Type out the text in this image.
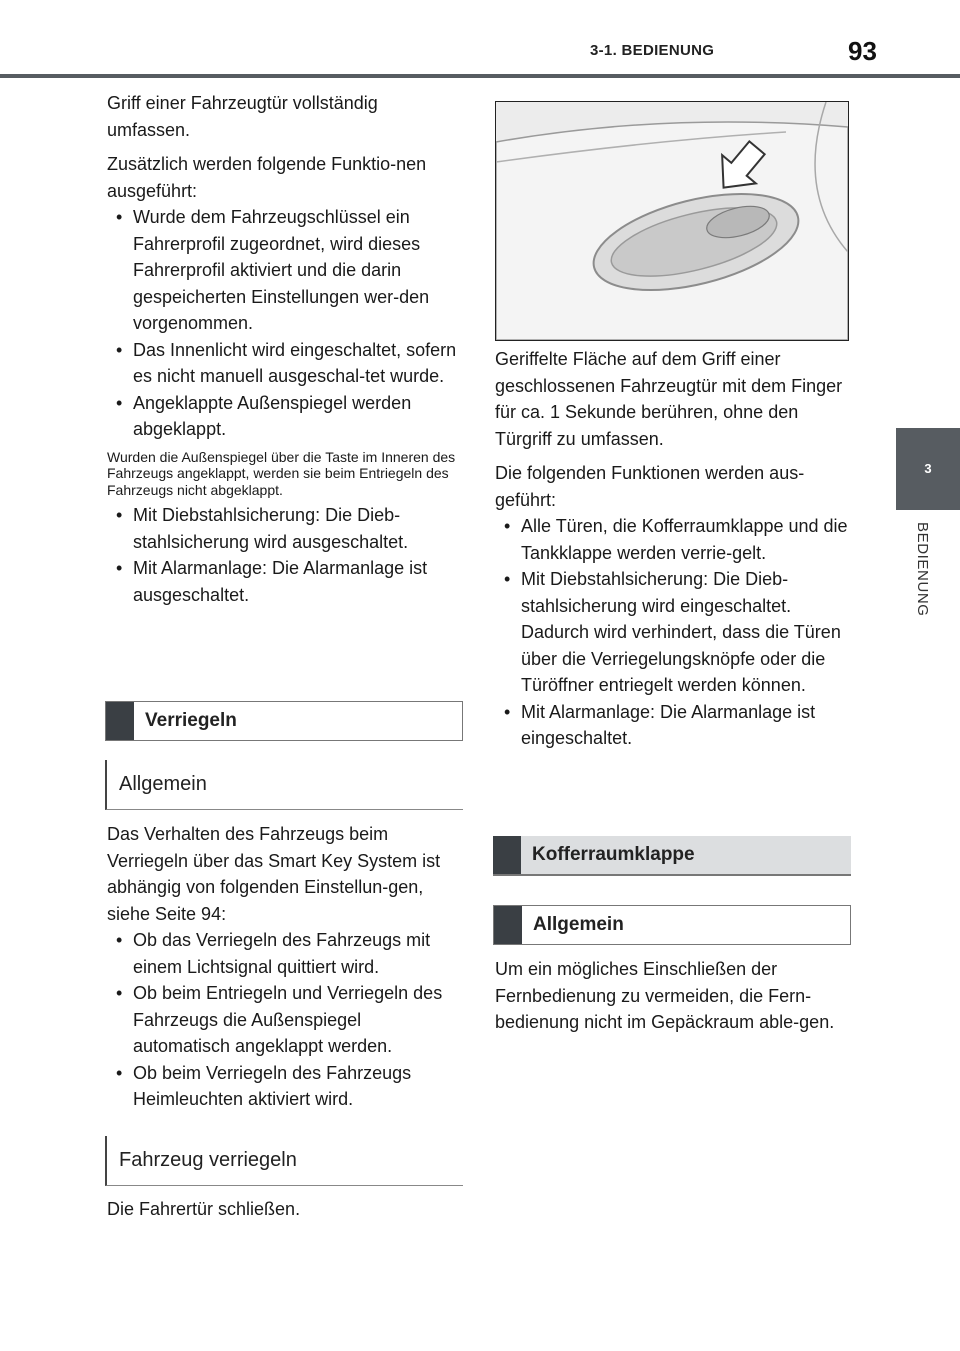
3-1. BEDIENUNG	93
3
BEDIENUNG

Griff einer Fahrzeugtür vollständig umfassen.

Zusätzlich werden folgende Funktio-nen ausgeführt:

• Wurde dem Fahrzeugschlüssel ein Fahrerprofil zugeordnet, wird dieses Fahrerprofil aktiviert und die darin gespeicherten Einstellungen wer-den vorgenommen.
• Das Innenlicht wird eingeschaltet, sofern es nicht manuell ausgeschal-tet wurde.
• Angeklappte Außenspiegel werden abgeklappt.

Wurden die Außenspiegel über die Taste im Inneren des Fahrzeugs angeklappt, werden sie beim Entriegeln des Fahrzeugs nicht abgeklappt.

• Mit Diebstahlsicherung: Die Dieb-stahlsicherung wird ausgeschaltet.
• Mit Alarmanlage: Die Alarmanlage ist ausgeschaltet.
Verriegeln
Allgemein

Das Verhalten des Fahrzeugs beim Verriegeln über das Smart Key System ist abhängig von folgenden Einstellun-gen, siehe Seite 94:

• Ob das Verriegeln des Fahrzeugs mit einem Lichtsignal quittiert wird.
• Ob beim Entriegeln und Verriegeln des Fahrzeugs die Außenspiegel automatisch angeklappt werden.
• Ob beim Verriegeln des Fahrzeugs Heimleuchten aktiviert wird.
Fahrzeug verriegeln

Die Fahrertür schließen.

Geriffelte Fläche auf dem Griff einer geschlossenen Fahrzeugtür mit dem Finger für ca. 1 Sekunde berühren, ohne den Türgriff zu umfassen.

Die folgenden Funktionen werden aus-geführt:

• Alle Türen, die Kofferraumklappe und die Tankklappe werden verrie-gelt.
• Mit Diebstahlsicherung: Die Dieb-stahlsicherung wird eingeschaltet. Dadurch wird verhindert, dass die Türen über die Verriegelungsknöpfe oder die Türöffner entriegelt werden können.
• Mit Alarmanlage: Die Alarmanlage ist eingeschaltet.
Kofferraumklappe
Allgemein

Um ein mögliches Einschließen der Fernbedienung zu vermeiden, die Fern-bedienung nicht im Gepäckraum able-gen.
